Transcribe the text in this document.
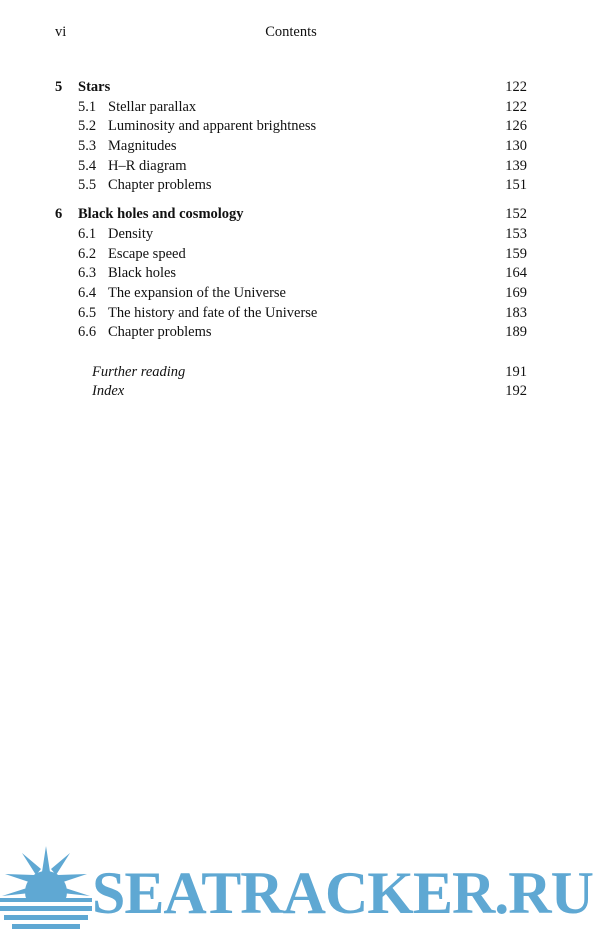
vi	Contents
5 Stars	122
5.1 Stellar parallax	122
5.2 Luminosity and apparent brightness	126
5.3 Magnitudes	130
5.4 H–R diagram	139
5.5 Chapter problems	151
6 Black holes and cosmology	152
6.1 Density	153
6.2 Escape speed	159
6.3 Black holes	164
6.4 The expansion of the Universe	169
6.5 The history and fate of the Universe	183
6.6 Chapter problems	189
Further reading	191
Index	192
SEATRACKER.RU
